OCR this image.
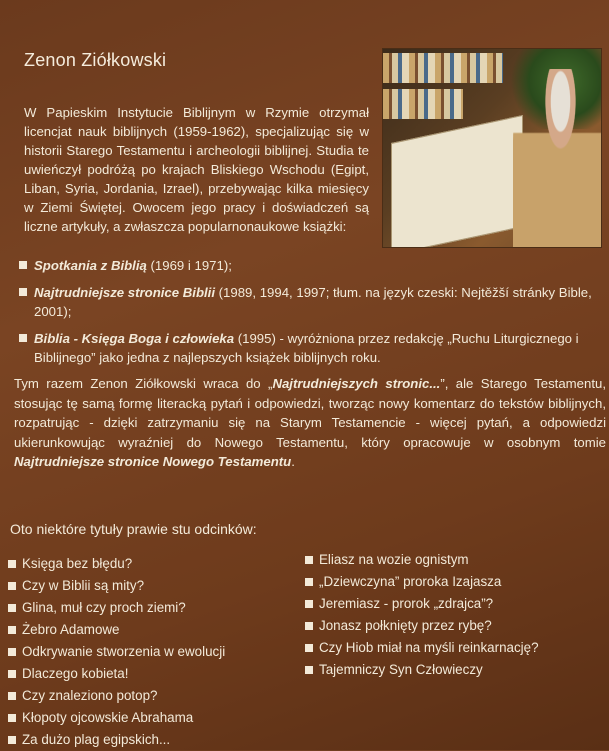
Zenon Ziółkowski

W Papieskim Instytucie Biblijnym w Rzymie otrzymał licencjat nauk biblijnych (1959-1962), specjalizując się w historii Starego Testamentu i archeologii biblijnej. Studia te uwieńczył podróżą po krajach Bliskiego Wschodu (Egipt, Liban, Syria, Jordania, Izrael), przebywając kilka miesięcy w Ziemi Świętej. Owocem jego pracy i doświadczeń są liczne artykuły, a zwłaszcza popularnonaukowe książki:

Spotkania z Biblią (1969 i 1971);
Najtrudniejsze stronice Biblii (1989, 1994, 1997; tłum. na język czeski: Nejtěžší stránky Bible, 2001);
Biblia - Księga Boga i człowieka (1995) - wyróżniona przez redakcję „Ruchu Liturgicznego i Biblijnego” jako jedna z najlepszych książek biblijnych roku.

Tym razem Zenon Ziółkowski wraca do „Najtrudniejszych stronic...”, ale Starego Testamentu, stosując tę samą formę literacką pytań i odpowiedzi, tworząc nowy komentarz do tekstów biblijnych, rozpatrując - dzięki zatrzymaniu się na Starym Testamencie - więcej pytań, a odpowiedzi ukierunkowując wyraźniej do Nowego Testamentu, który opracowuje w osobnym tomie Najtrudniejsze stronice Nowego Testamentu.

Oto niektóre tytuły prawie stu odcinków:
Księga bez błędu?
Czy w Biblii są mity?
Glina, muł czy proch ziemi?
Żebro Adamowe
Odkrywanie stworzenia w ewolucji
Dlaczego kobieta!
Czy znaleziono potop?
Kłopoty ojcowskie Abrahama
Za dużo plag egipskich...
Eliasz na wozie ognistym
„Dziewczyna” proroka Izajasza
Jeremiasz - prorok „zdrajca”?
Jonasz połknięty przez rybę?
Czy Hiob miał na myśli reinkarnację?
Tajemniczy Syn Człowieczy
